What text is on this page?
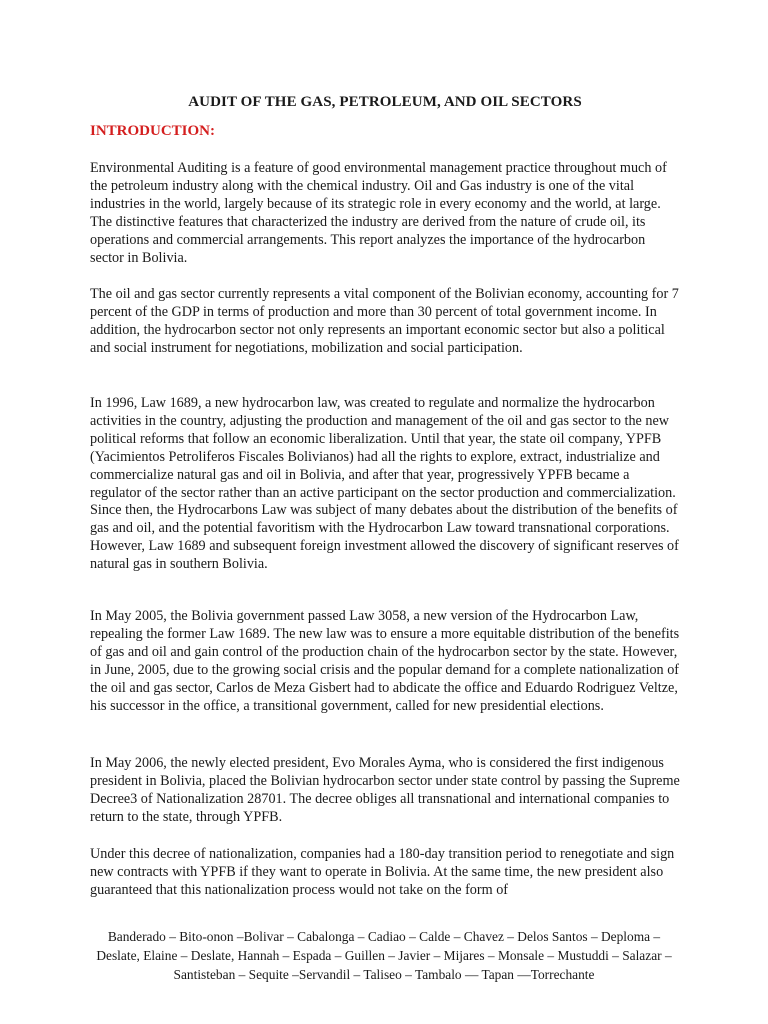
AUDIT OF THE GAS, PETROLEUM, AND OIL SECTORS
INTRODUCTION:

Environmental Auditing is a feature of good environmental management practice throughout much of the petroleum industry along with the chemical industry. Oil and Gas industry is one of the vital industries in the world, largely because of its strategic role in every economy and the world, at large. The distinctive features that characterized the industry are derived from the nature of crude oil, its operations and commercial arrangements. This report analyzes the importance of the hydrocarbon sector in Bolivia.

The oil and gas sector currently represents a vital component of the Bolivian economy, accounting for 7 percent of the GDP in terms of production and more than 30 percent of total government income. In addition, the hydrocarbon sector not only represents an important economic sector but also a political and social instrument for negotiations, mobilization and social participation.

In 1996, Law 1689, a new hydrocarbon law, was created to regulate and normalize the hydrocarbon activities in the country, adjusting the production and management of the oil and gas sector to the new political reforms that follow an economic liberalization. Until that year, the state oil company, YPFB (Yacimientos Petroliferos Fiscales Bolivianos) had all the rights to explore, extract, industrialize and commercialize natural gas and oil in Bolivia, and after that year, progressively YPFB became a regulator of the sector rather than an active participant on the sector production and commercialization. Since then, the Hydrocarbons Law was subject of many debates about the distribution of the benefits of gas and oil, and the potential favoritism with the Hydrocarbon Law toward transnational corporations. However, Law 1689 and subsequent foreign investment allowed the discovery of significant reserves of natural gas in southern Bolivia.

In May 2005, the Bolivia government passed Law 3058, a new version of the Hydrocarbon Law, repealing the former Law 1689. The new law was to ensure a more equitable distribution of the benefits of gas and oil and gain control of the production chain of the hydrocarbon sector by the state. However, in June, 2005, due to the growing social crisis and the popular demand for a complete nationalization of the oil and gas sector, Carlos de Meza Gisbert had to abdicate the office and Eduardo Rodriguez Veltze, his successor in the office, a transitional government, called for new presidential elections.

In May 2006, the newly elected president, Evo Morales Ayma, who is considered the first indigenous president in Bolivia, placed the Bolivian hydrocarbon sector under state control by passing the Supreme Decree3 of Nationalization 28701. The decree obliges all transnational and international companies to return to the state, through YPFB.

Under this decree of nationalization, companies had a 180-day transition period to renegotiate and sign new contracts with YPFB if they want to operate in Bolivia. At the same time, the new president also guaranteed that this nationalization process would not take on the form of

Banderado – Bito-onon –Bolivar – Cabalonga – Cadiao – Calde – Chavez – Delos Santos – Deploma – Deslate, Elaine – Deslate, Hannah – Espada – Guillen – Javier – Mijares – Monsale – Mustuddi – Salazar – Santisteban – Sequite –Servandil – Taliseo – Tambalo — Tapan —Torrechante
